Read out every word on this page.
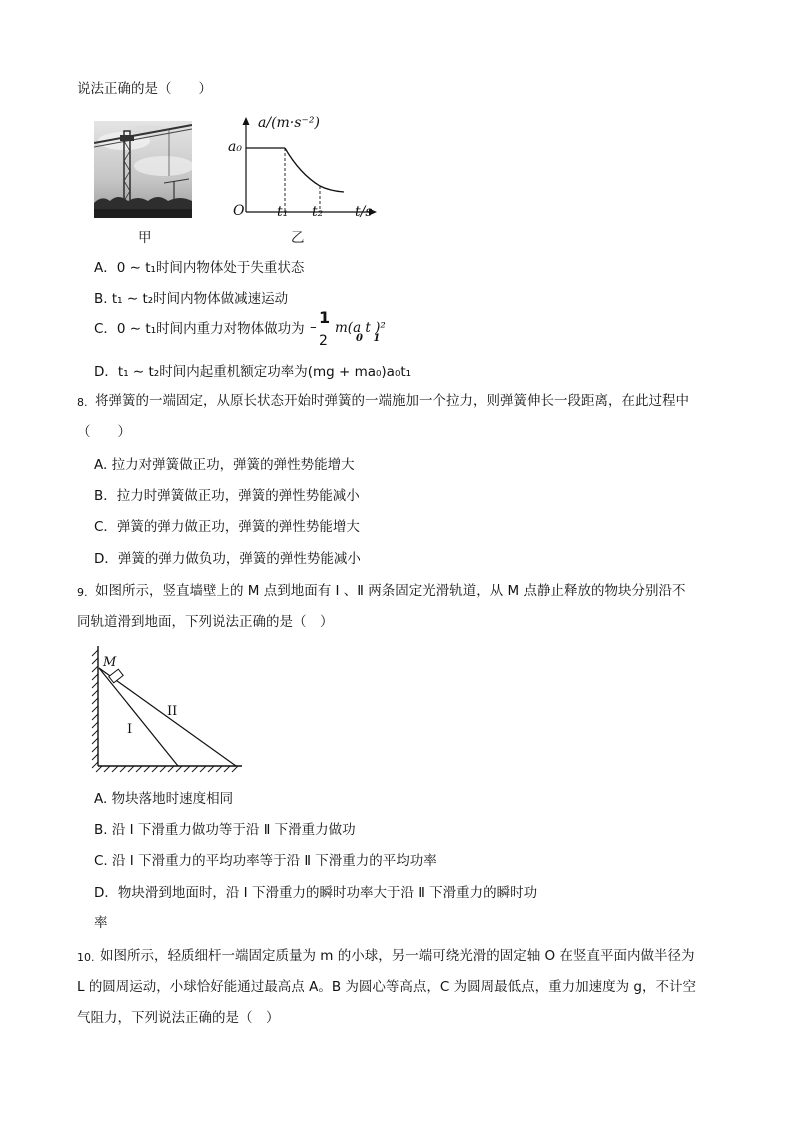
说法正确的是（　　）
甲
a/(m·s⁻²)
a₀
O t₁ t₂ t/s
乙
A．0 ∼ t₁时间内物体处于失重状态
B. t₁ ∼ t₂时间内物体做减速运动
C．0 ∼ t₁时间内重力对物体做功为 – 1
2
m(a t )²
0   1
D．t₁ ∼ t₂时间内起重机额定功率为(mg + ma₀)a₀t₁
8. 将弹簧的一端固定，从原长状态开始时弹簧的一端施加一个拉力，则弹簧伸长一段距离，在此过程中
（　　）
A. 拉力对弹簧做正功，弹簧的弹性势能增大
B．拉力时弹簧做正功，弹簧的弹性势能减小
C．弹簧的弹力做正功，弹簧的弹性势能增大
D．弹簧的弹力做负功，弹簧的弹性势能减小
9. 如图所示，竖直墙壁上的 M 点到地面有 Ⅰ 、Ⅱ 两条固定光滑轨道，从 M 点静止释放的物块分别沿不
同轨道滑到地面，下列说法正确的是（　）
M
I
II
A. 物块落地时速度相同
B. 沿 Ⅰ 下滑重力做功等于沿 Ⅱ 下滑重力做功
C. 沿 Ⅰ 下滑重力的平均功率等于沿 Ⅱ 下滑重力的平均功率
D．物块滑到地面时，沿 Ⅰ 下滑重力的瞬时功率大于沿 Ⅱ 下滑重力的瞬时功
率
10. 如图所示，轻质细杆一端固定质量为 m 的小球，另一端可绕光滑的固定轴 O 在竖直平面内做半径为
L 的圆周运动，小球恰好能通过最高点 A。B 为圆心等高点，C 为圆周最低点，重力加速度为 g，不计空
气阻力，下列说法正确的是（　）
